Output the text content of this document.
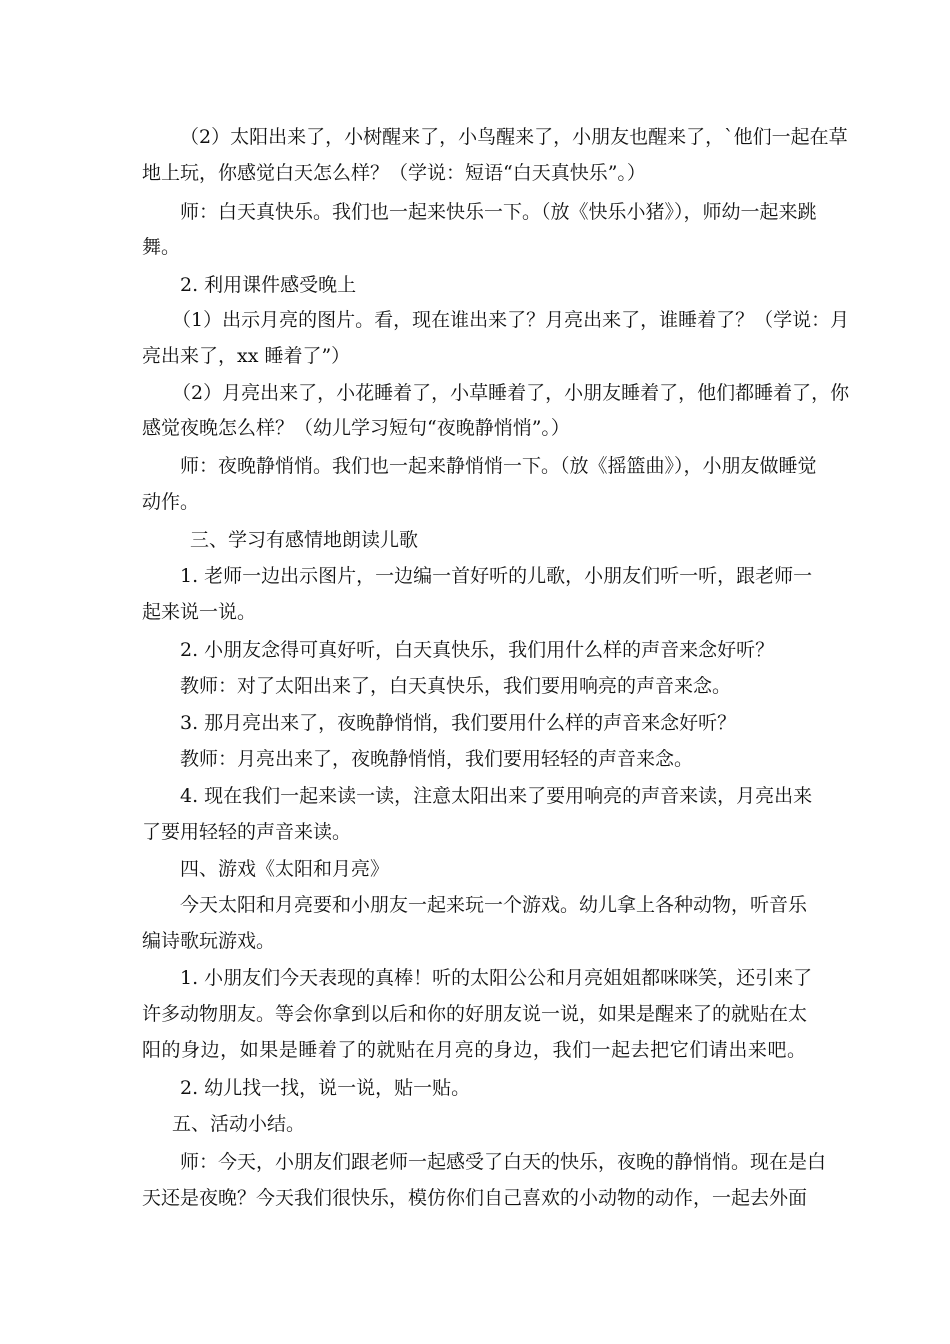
（2）太阳出来了，小树醒来了，小鸟醒来了，小朋友也醒来了，`他们一起在草

地上玩，你感觉白天怎么样？（学说：短语“白天真快乐”。）

师：白天真快乐。我们也一起来快乐一下。（放《快乐小猪》），师幼一起来跳

舞。

2. 利用课件感受晚上

（1）出示月亮的图片。看，现在谁出来了？月亮出来了，谁睡着了？（学说：月

亮出来了，xx 睡着了”）

（2）月亮出来了，小花睡着了，小草睡着了，小朋友睡着了，他们都睡着了，你

感觉夜晚怎么样？（幼儿学习短句“夜晚静悄悄”。）

师：夜晚静悄悄。我们也一起来静悄悄一下。（放《摇篮曲》），小朋友做睡觉

动作。

三、学习有感情地朗读儿歌

1. 老师一边出示图片，一边编一首好听的儿歌，小朋友们听一听，跟老师一

起来说一说。

2. 小朋友念得可真好听，白天真快乐，我们用什么样的声音来念好听？

教师：对了太阳出来了，白天真快乐，我们要用响亮的声音来念。

3. 那月亮出来了，夜晚静悄悄，我们要用什么样的声音来念好听？

教师：月亮出来了，夜晚静悄悄，我们要用轻轻的声音来念。

4. 现在我们一起来读一读，注意太阳出来了要用响亮的声音来读，月亮出来

了要用轻轻的声音来读。

四、游戏《太阳和月亮》

今天太阳和月亮要和小朋友一起来玩一个游戏。幼儿拿上各种动物，听音乐

编诗歌玩游戏。

1. 小朋友们今天表现的真棒！听的太阳公公和月亮姐姐都咪咪笑，还引来了

许多动物朋友。等会你拿到以后和你的好朋友说一说，如果是醒来了的就贴在太

阳的身边，如果是睡着了的就贴在月亮的身边，我们一起去把它们请出来吧。

2. 幼儿找一找，说一说，贴一贴。

五、活动小结。

师：今天，小朋友们跟老师一起感受了白天的快乐，夜晚的静悄悄。现在是白

天还是夜晚？今天我们很快乐，模仿你们自己喜欢的小动物的动作，一起去外面
